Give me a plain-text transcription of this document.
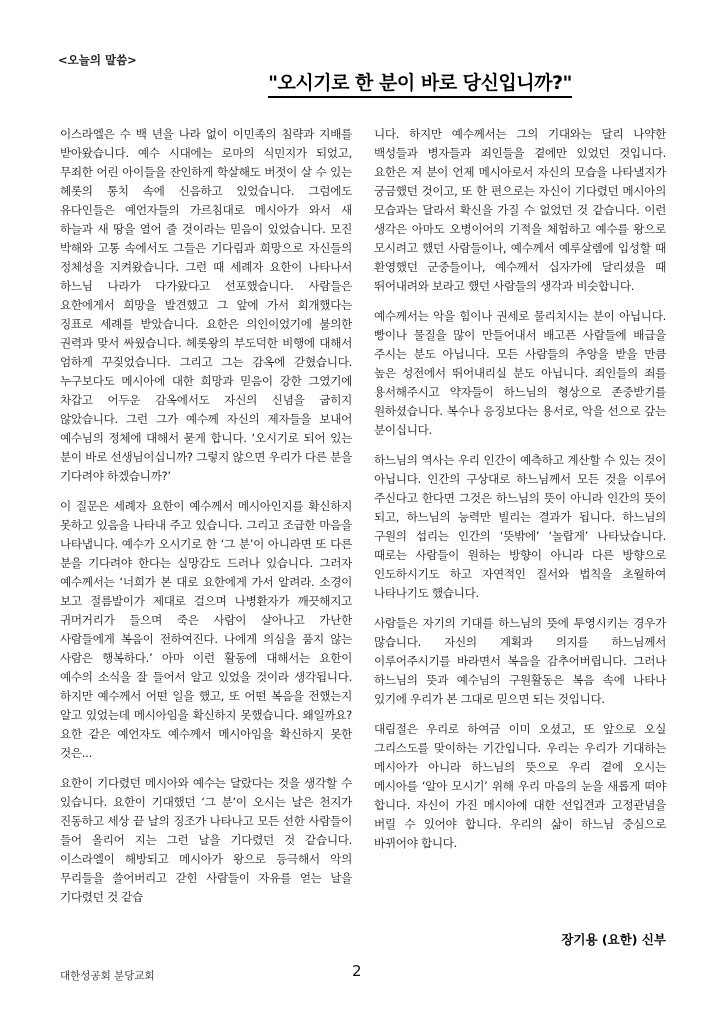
<오늘의 말씀>
"오시기로 한 분이 바로 당신입니까?"

이스라엘은 수 백 년을 나라 없이 이민족의 침략과 지배를 받아왔습니다. 예수 시대에는 로마의 식민지가 되었고, 무죄한 어린 아이들을 잔인하게 학살해도 버젓이 살 수 있는 헤롯의 통치 속에 신음하고 있었습니다. 그럼에도 유다인들은 예언자들의 가르침대로 메시아가 와서 새 하늘과 새 땅을 열어 줄 것이라는 믿음이 있었습니다. 모진 박해와 고통 속에서도 그들은 기다림과 희망으로 자신들의 정체성을 지켜왔습니다. 그런 때 세례자 요한이 나타나서 하느님 나라가 다가왔다고 선포했습니다. 사람들은 요한에게서 희망을 발견했고 그 앞에 가서 회개했다는 징표로 세례를 받았습니다. 요한은 의인이었기에 불의한 권력과 맞서 싸웠습니다. 헤롯왕의 부도덕한 비행에 대해서 엄하게 꾸짖었습니다. 그리고 그는 감옥에 갇혔습니다. 누구보다도 메시아에 대한 희망과 믿음이 강한 그였기에 차갑고 어두운 감옥에서도 자신의 신념을 굽히지 않았습니다. 그런 그가 예수께 자신의 제자들을 보내어 예수님의 정체에 대해서 묻게 합니다. ‘오시기로 되어 있는 분이 바로 선생님이십니까? 그렇지 않으면 우리가 다른 분을 기다려야 하겠습니까?’

이 질문은 세례자 요한이 예수께서 메시아인지를 확신하지 못하고 있음을 나타내 주고 있습니다. 그리고 조급한 마음을 나타냅니다. 예수가 오시기로 한 ‘그 분’이 아니라면 또 다른 분을 기다려야 한다는 실망감도 드러나 있습니다. 그러자 예수께서는 ‘너희가 본 대로 요한에게 가서 알려라. 소경이 보고 절름발이가 제대로 걸으며 나병환자가 깨끗해지고 귀머거리가 들으며 죽은 사람이 살아나고 가난한 사람들에게 복음이 전하여진다. 나에게 의심을 품지 않는 사람은 행복하다.’ 아마 이런 활동에 대해서는 요한이 예수의 소식을 잘 들어서 알고 있었을 것이라 생각됩니다. 하지만 예수께서 어떤 일을 했고, 또 어떤 복음을 전했는지 알고 있었는데 메시아임을 확신하지 못했습니다. 왜일까요? 요한 같은 예언자도 예수께서 메시아임을 확신하지 못한 것은...

요한이 기다렸던 메시아와 예수는 달랐다는 것을 생각할 수 있습니다. 요한이 기대했던 ‘그 분’이 오시는 날은 천지가 진동하고 세상 끝 날의 징조가 나타나고 모든 선한 사람들이 들어 올리어 지는 그런 날을 기다렸던 것 같습니다. 이스라엘이 해방되고 메시아가 왕으로 등극해서 악의 무리들을 쓸어버리고 갇힌 사람들이 자유를 얻는 날을 기다렸던 것 같습

니다. 하지만 예수께서는 그의 기대와는 달리 나약한 백성들과 병자들과 죄인들을 곁에만 있었던 것입니다. 요한은 저 분이 언제 메시아로서 자신의 모습을 나타낼지가 궁금했던 것이고, 또 한 편으로는 자신이 기다렸던 메시아의 모습과는 달라서 확신을 가질 수 없었던 것 같습니다. 이런 생각은 아마도 오병이어의 기적을 체험하고 예수를 왕으로 모시려고 했던 사람들이나, 예수께서 예루살렘에 입성할 때 환영했던 군중들이나, 예수께서 십자가에 달리셨을 때 뛰어내려와 보라고 했던 사람들의 생각과 비슷합니다.

예수께서는 악을 힘이나 권세로 물리치시는 분이 아닙니다. 빵이나 물질을 많이 만들어내서 배고픈 사람들에 배급을 주시는 분도 아닙니다. 모든 사람들의 추앙을 받을 만큼 높은 성전에서 뛰어내리실 분도 아닙니다. 죄인들의 죄를 용서해주시고 약자들이 하느님의 형상으로 존중받기를 원하셨습니다. 복수나 응징보다는 용서로, 악을 선으로 갚는 분이십니다.

하느님의 역사는 우리 인간이 예측하고 계산할 수 있는 것이 아닙니다. 인간의 구상대로 하느님께서 모든 것을 이루어 주신다고 한다면 그것은 하느님의 뜻이 아니라 인간의 뜻이 되고, 하느님의 능력만 빌리는 결과가 됩니다. 하느님의 구원의 섭리는 인간의 ‘뜻밖에’ ‘놀랍게’ 나타났습니다. 때로는 사람들이 원하는 방향이 아니라 다른 방향으로 인도하시기도 하고 자연적인 질서와 법칙을 초월하여 나타나기도 했습니다.

사람들은 자기의 기대를 하느님의 뜻에 투영시키는 경우가 많습니다. 자신의 계획과 의지를 하느님께서 이루어주시기를 바라면서 복음을 감추어버립니다. 그러나 하느님의 뜻과 예수님의 구원활동은 복음 속에 나타나 있기에 우리가 본 그대로 믿으면 되는 것입니다.

대림절은 우리로 하여금 이미 오셨고, 또 앞으로 오실 그리스도를 맞이하는 기간입니다. 우리는 우리가 기대하는 메시아가 아니라 하느님의 뜻으로 우리 곁에 오시는 메시아를 ‘알아 모시기’ 위해 우리 마음의 눈을 새롭게 떠야 합니다. 자신이 가진 메시아에 대한 선입견과 고정관념을 버릴 수 있어야 합니다. 우리의 삶이 하느님 중심으로 바뀌어야 합니다.

장기용 (요한) 신부
대한성공회 분당교회	2
